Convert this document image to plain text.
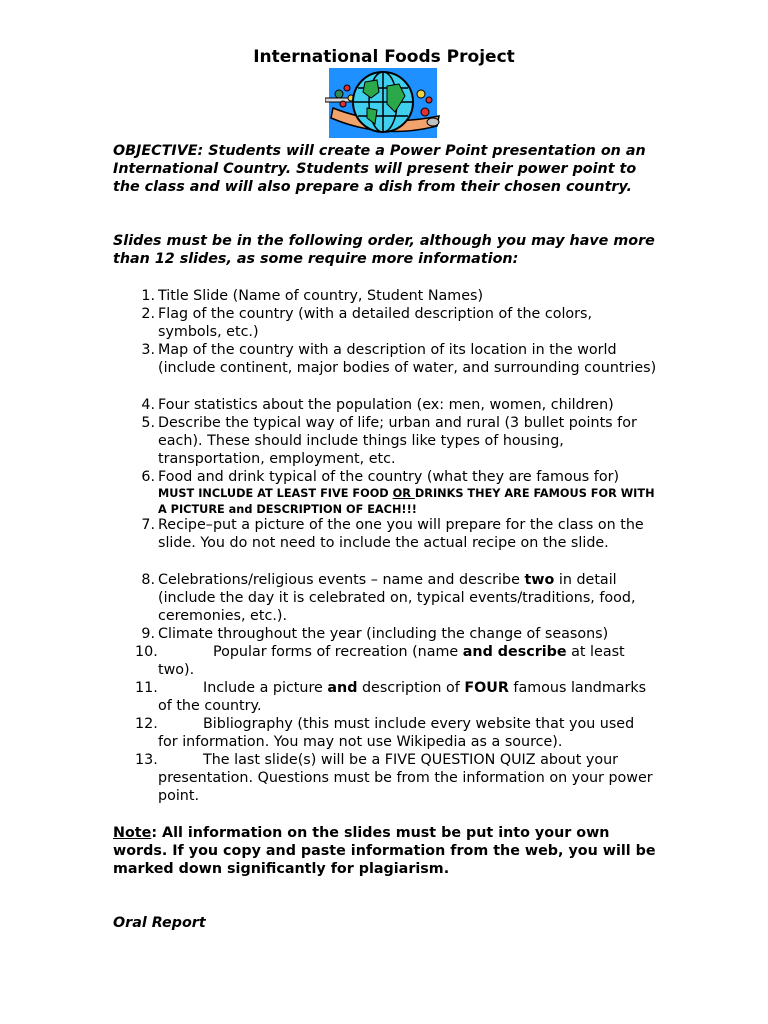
International Foods Project
OBJECTIVE: Students will create a Power Point presentation on an International Country. Students will present their power point to the class and will also prepare a dish from their chosen country.
Slides must be in the following order, although you may have more than 12 slides, as some require more information:
1. Title Slide (Name of country, Student Names)
2. Flag of the country (with a detailed description of the colors, symbols, etc.)
3. Map of the country with a description of its location in the world (include continent, major bodies of water, and surrounding countries)
4. Four statistics about the population (ex: men, women, children)
5. Describe the typical way of life; urban and rural (3 bullet points for each). These should include things like types of housing, transportation, employment, etc.
6. Food and drink typical of the country (what they are famous for)
MUST INCLUDE AT LEAST FIVE FOOD OR DRINKS THEY ARE FAMOUS FOR WITH A PICTURE and DESCRIPTION OF EACH!!!
7. Recipe–put a picture of the one you will prepare for the class on the slide. You do not need to include the actual recipe on the slide.
8. Celebrations/religious events – name and describe two in detail (include the day it is celebrated on, typical events/traditions, food, ceremonies, etc.).
9. Climate throughout the year (including the change of seasons)
10.	Popular forms of recreation (name and describe at least two).
11.	Include a picture and description of FOUR famous landmarks of the country.
12.	Bibliography (this must include every website that you used for information. You may not use Wikipedia as a source).
13.	The last slide(s) will be a FIVE QUESTION QUIZ about your presentation. Questions must be from the information on your power point.
Note: All information on the slides must be put into your own words. If you copy and paste information from the web, you will be marked down significantly for plagiarism.
Oral Report
